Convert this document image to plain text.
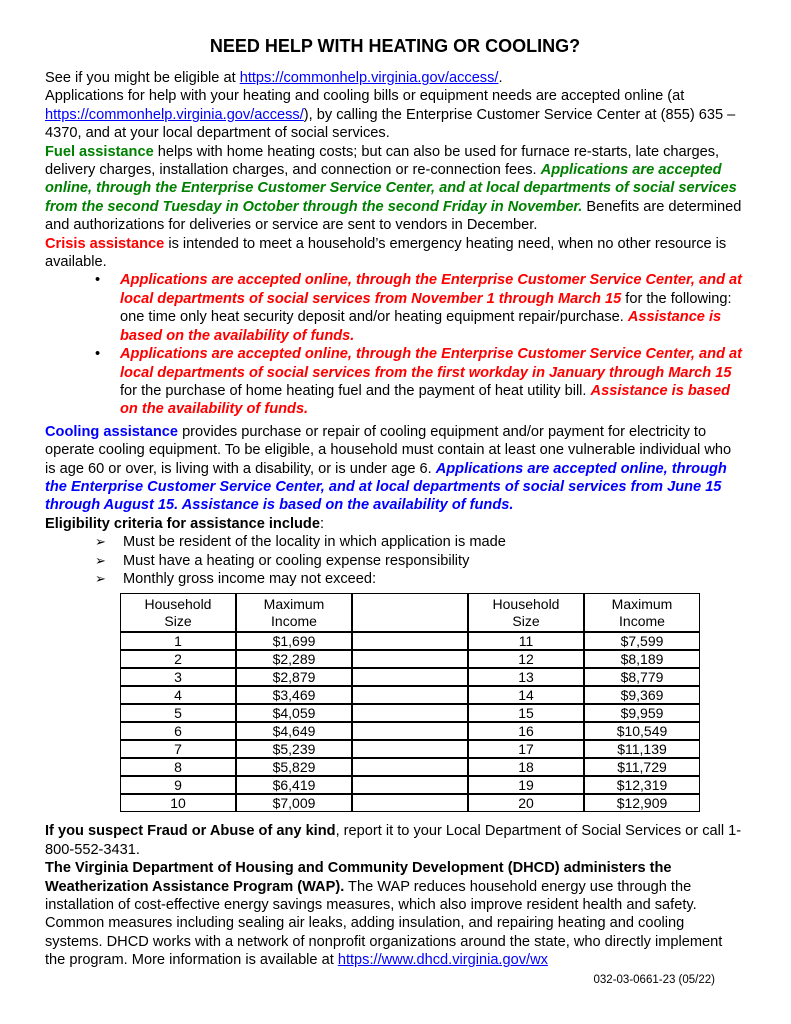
NEED HELP WITH HEATING OR COOLING?

See if you might be eligible at https://commonhelp.virginia.gov/access/.

Applications for help with your heating and cooling bills or equipment needs are accepted online (at https://commonhelp.virginia.gov/access/), by calling the Enterprise Customer Service Center at (855) 635 – 4370, and at your local department of social services.

Fuel assistance helps with home heating costs; but can also be used for furnace re-starts, late charges, delivery charges, installation charges, and connection or re-connection fees. Applications are accepted online, through the Enterprise Customer Service Center, and at local departments of social services from the second Tuesday in October through the second Friday in November. Benefits are determined and authorizations for deliveries or service are sent to vendors in December.

Crisis assistance is intended to meet a household’s emergency heating need, when no other resource is available.

•	Applications are accepted online, through the Enterprise Customer Service Center, and at local departments of social services from November 1 through March 15 for the following: one time only heat security deposit and/or heating equipment repair/purchase. Assistance is based on the availability of funds.
•	Applications are accepted online, through the Enterprise Customer Service Center, and at local departments of social services from the first workday in January through March 15 for the purchase of home heating fuel and the payment of heat utility bill. Assistance is based on the availability of funds.

Cooling assistance provides purchase or repair of cooling equipment and/or payment for electricity to operate cooling equipment. To be eligible, a household must contain at least one vulnerable individual who is age 60 or over, is living with a disability, or is under age 6. Applications are accepted online, through the Enterprise Customer Service Center, and at local departments of social services from June 15 through August 15. Assistance is based on the availability of funds.

Eligibility criteria for assistance include:

➢	Must be resident of the locality in which application is made
➢	Must have a heating or cooling expense responsibility
➢	Monthly gross income may not exceed:
Household
Size	Maximum
Income		Household
Size	Maximum
Income
1	$1,699		11	$7,599
2	$2,289		12	$8,189
3	$2,879		13	$8,779
4	$3,469		14	$9,369
5	$4,059		15	$9,959
6	$4,649		16	$10,549
7	$5,239		17	$11,139
8	$5,829		18	$11,729
9	$6,419		19	$12,319
10	$7,009		20	$12,909

If you suspect Fraud or Abuse of any kind, report it to your Local Department of Social Services or call 1-800-552-3431.

The Virginia Department of Housing and Community Development (DHCD) administers the Weatherization Assistance Program (WAP). The WAP reduces household energy use through the installation of cost-effective energy savings measures, which also improve resident health and safety. Common measures including sealing air leaks, adding insulation, and repairing heating and cooling systems. DHCD works with a network of nonprofit organizations around the state, who directly implement the program. More information is available at https://www.dhcd.virginia.gov/wx

032-03-0661-23 (05/22)
